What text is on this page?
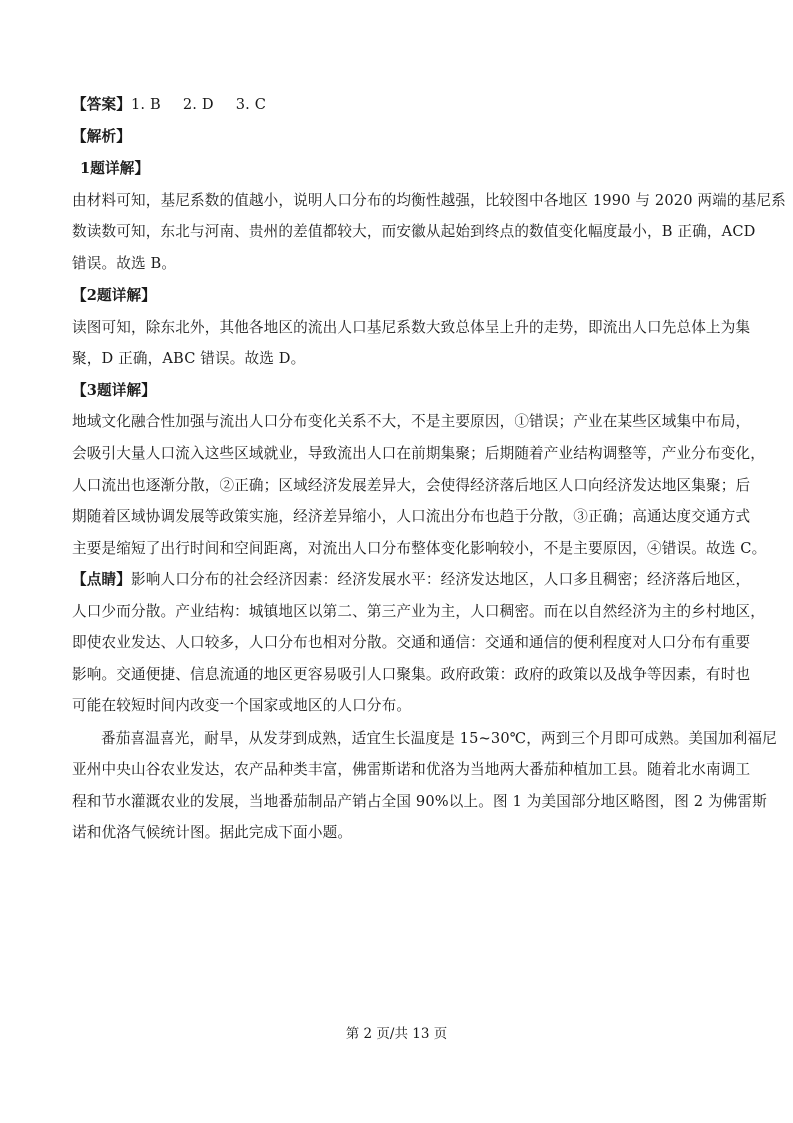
【答案】1. B 2. D 3. C
【解析】
1题详解】
由材料可知，基尼系数的值越小，说明人口分布的均衡性越强，比较图中各地区 1990 与 2020 两端的基尼系
数读数可知，东北与河南、贵州的差值都较大，而安徽从起始到终点的数值变化幅度最小，B 正确，ACD
错误。故选 B。
【2题详解】
读图可知，除东北外，其他各地区的流出人口基尼系数大致总体呈上升的走势，即流出人口先总体上为集
聚，D 正确，ABC 错误。故选 D。
【3题详解】
地域文化融合性加强与流出人口分布变化关系不大，不是主要原因，①错误；产业在某些区域集中布局，
会吸引大量人口流入这些区域就业，导致流出人口在前期集聚；后期随着产业结构调整等，产业分布变化，
人口流出也逐渐分散，②正确；区域经济发展差异大，会使得经济落后地区人口向经济发达地区集聚；后
期随着区域协调发展等政策实施，经济差异缩小，人口流出分布也趋于分散，③正确；高通达度交通方式
主要是缩短了出行时间和空间距离，对流出人口分布整体变化影响较小，不是主要原因，④错误。故选 C。
【点睛】影响人口分布的社会经济因素：经济发展水平：经济发达地区，人口多且稠密；经济落后地区，
人口少而分散。产业结构：城镇地区以第二、第三产业为主，人口稠密。而在以自然经济为主的乡村地区，
即使农业发达、人口较多，人口分布也相对分散。交通和通信：交通和通信的便利程度对人口分布有重要
影响。交通便捷、信息流通的地区更容易吸引人口聚集。政府政策：政府的政策以及战争等因素，有时也
可能在较短时间内改变一个国家或地区的人口分布。
番茄喜温喜光，耐旱，从发芽到成熟，适宜生长温度是 15~30℃，两到三个月即可成熟。美国加利福尼
亚州中央山谷农业发达，农产品种类丰富，佛雷斯诺和优洛为当地两大番茄种植加工县。随着北水南调工
程和节水灌溉农业的发展，当地番茄制品产销占全国 90%以上。图 1 为美国部分地区略图，图 2 为佛雷斯
诺和优洛气候统计图。据此完成下面小题。
第 2 页/共 13 页
